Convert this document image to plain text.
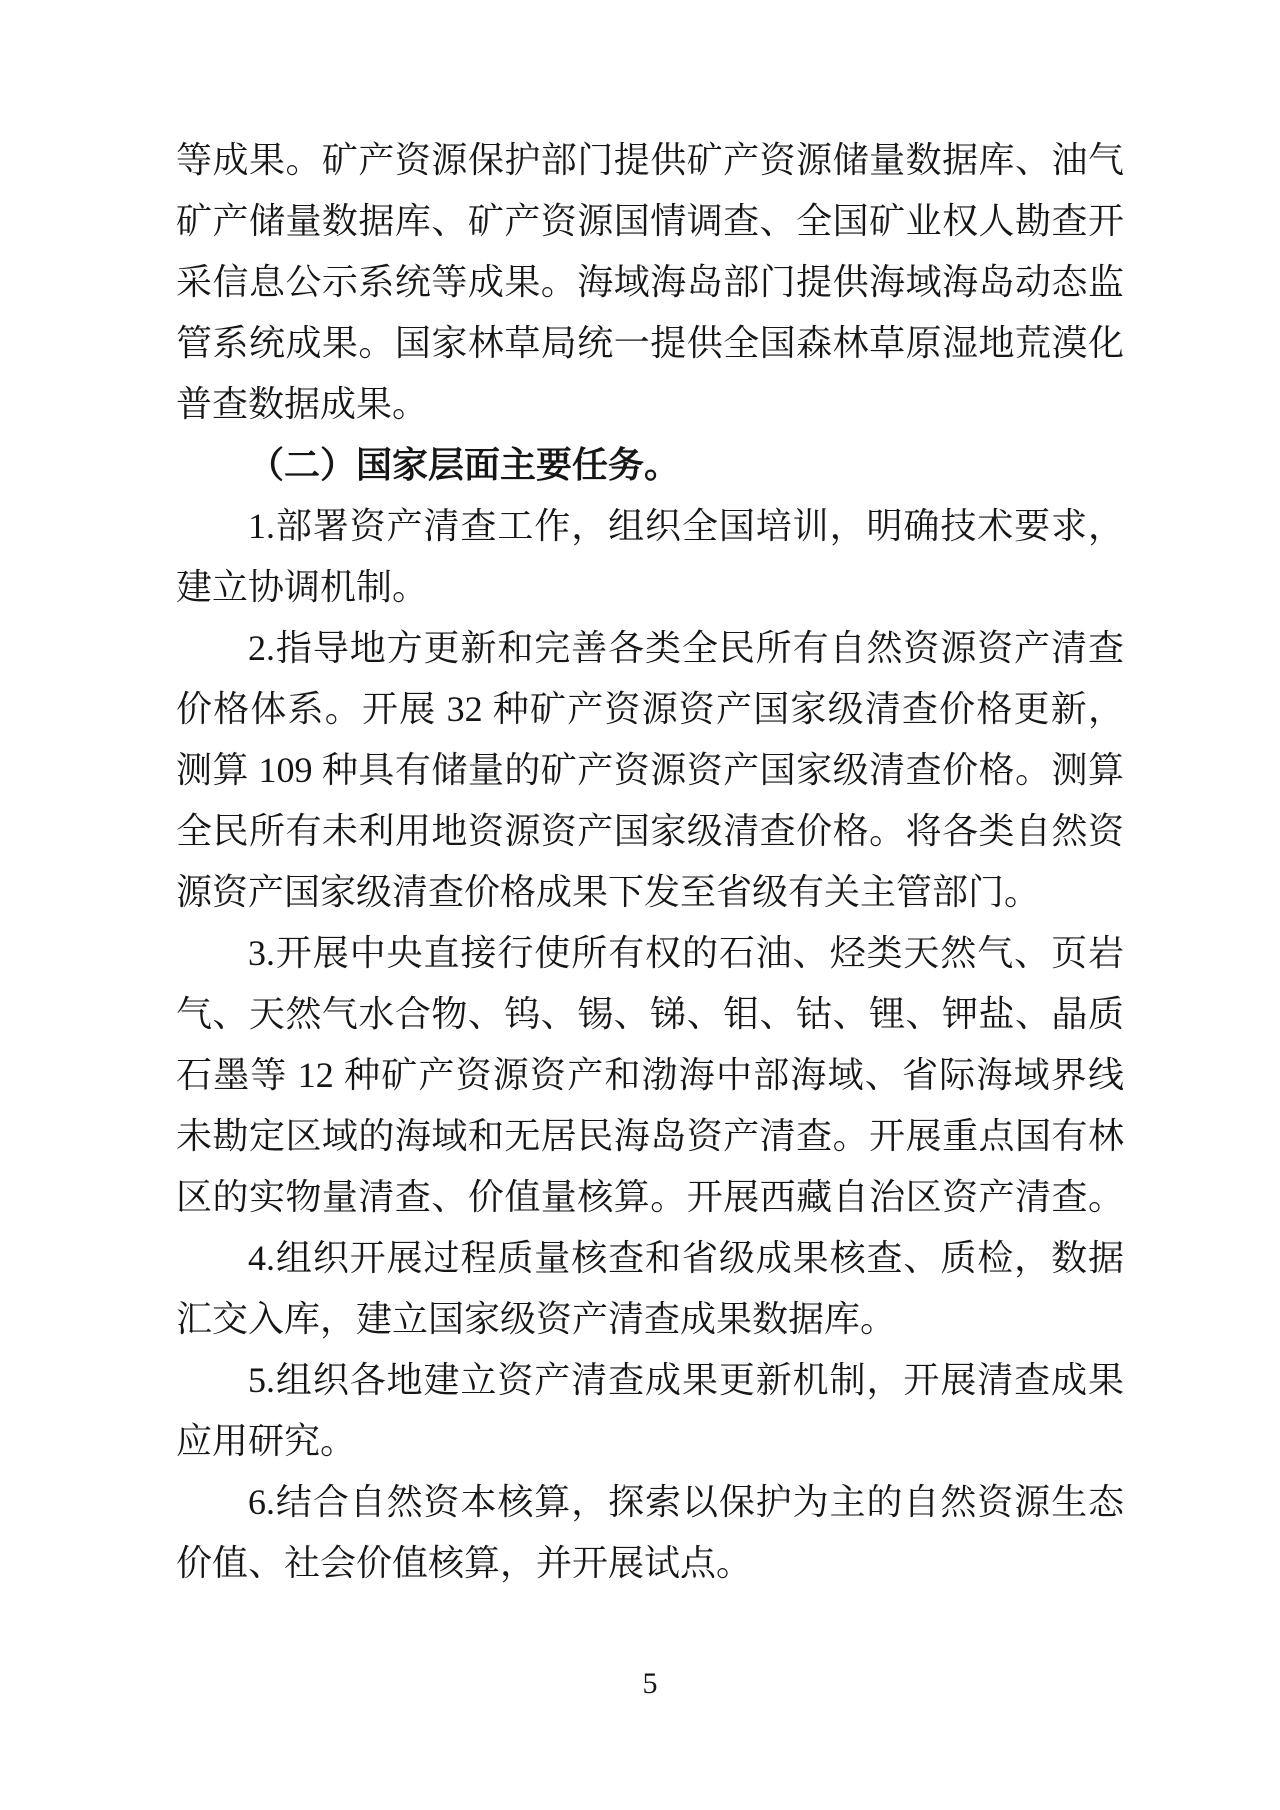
等成果。矿产资源保护部门提供矿产资源储量数据库、油气
矿产储量数据库、矿产资源国情调查、全国矿业权人勘查开
采信息公示系统等成果。海域海岛部门提供海域海岛动态监
管系统成果。国家林草局统一提供全国森林草原湿地荒漠化
普查数据成果。
（二）国家层面主要任务。
1.部署资产清查工作，组织全国培训，明确技术要求，
建立协调机制。
2.指导地方更新和完善各类全民所有自然资源资产清查
价格体系。开展 32 种矿产资源资产国家级清查价格更新，
测算 109 种具有储量的矿产资源资产国家级清查价格。测算
全民所有未利用地资源资产国家级清查价格。将各类自然资
源资产国家级清查价格成果下发至省级有关主管部门。
3.开展中央直接行使所有权的石油、烃类天然气、页岩
气、天然气水合物、钨、锡、锑、钼、钴、锂、钾盐、晶质
石墨等 12 种矿产资源资产和渤海中部海域、省际海域界线
未勘定区域的海域和无居民海岛资产清查。开展重点国有林
区的实物量清查、价值量核算。开展西藏自治区资产清查。
4.组织开展过程质量核查和省级成果核查、质检，数据
汇交入库，建立国家级资产清查成果数据库。
5.组织各地建立资产清查成果更新机制，开展清查成果
应用研究。
6.结合自然资本核算，探索以保护为主的自然资源生态
价值、社会价值核算，并开展试点。
5
